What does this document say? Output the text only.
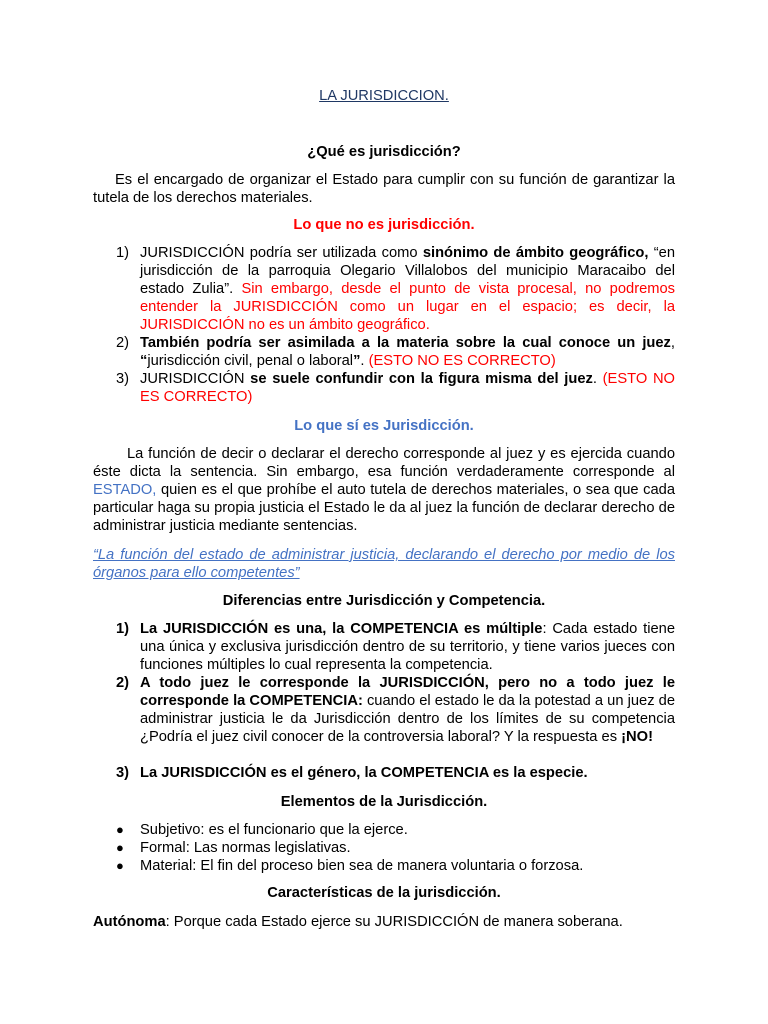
LA JURISDICCION.

¿Qué es jurisdicción?

Es el encargado de organizar el Estado para cumplir con su función de garantizar la tutela de los derechos materiales.

Lo que no es jurisdicción.

1) JURISDICCIÓN podría ser utilizada como sinónimo de ámbito geográfico, “en jurisdicción de la parroquia Olegario Villalobos del municipio Maracaibo del estado Zulia”. Sin embargo, desde el punto de vista procesal, no podremos entender la JURISDICCIÓN como un lugar en el espacio; es decir, la JURISDICCIÓN no es un ámbito geográfico.
2) También podría ser asimilada a la materia sobre la cual conoce un juez, “jurisdicción civil, penal o laboral”. (ESTO NO ES CORRECTO)
3) JURISDICCIÓN se suele confundir con la figura misma del juez. (ESTO NO ES CORRECTO)

Lo que sí es Jurisdicción.

La función de decir o declarar el derecho corresponde al juez y es ejercida cuando éste dicta la sentencia. Sin embargo, esa función verdaderamente corresponde al ESTADO, quien es el que prohíbe el auto tutela de derechos materiales, o sea que cada particular haga su propia justicia el Estado le da al juez la función de declarar derecho de administrar justicia mediante sentencias.

“La función del estado de administrar justicia, declarando el derecho por medio de los órganos para ello competentes”

Diferencias entre Jurisdicción y Competencia.

1) La JURISDICCIÓN es una, la COMPETENCIA es múltiple: Cada estado tiene una única y exclusiva jurisdicción dentro de su territorio, y tiene varios jueces con funciones múltiples lo cual representa la competencia.
2) A todo juez le corresponde la JURISDICCIÓN, pero no a todo juez le corresponde la COMPETENCIA: cuando el estado le da la potestad a un juez de administrar justicia le da Jurisdicción dentro de los límites de su competencia ¿Podría el juez civil conocer de la controversia laboral? Y la respuesta es ¡NO!
3) La JURISDICCIÓN es el género, la COMPETENCIA es la especie.

Elementos de la Jurisdicción.

● Subjetivo: es el funcionario que la ejerce.
● Formal: Las normas legislativas.
● Material: El fin del proceso bien sea de manera voluntaria o forzosa.

Características de la jurisdicción.

Autónoma: Porque cada Estado ejerce su JURISDICCIÓN de manera soberana.
